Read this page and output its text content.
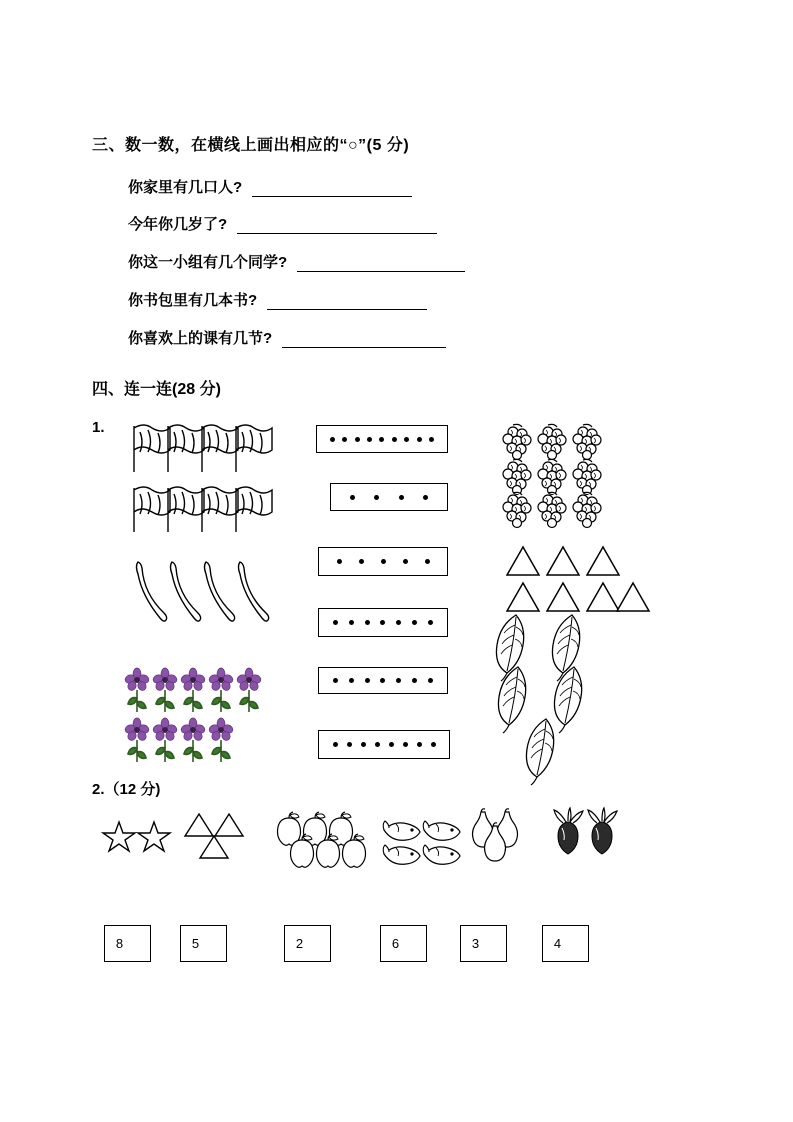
三、数一数，在横线上画出相应的“○”(5 分)
你家里有几口人?
今年你几岁了?
你这一小组有几个同学?
你书包里有几本书?
你喜欢上的课有几节?
四、连一连(28 分)
1.
2.（12 分)
8	5	2	6	3	4
